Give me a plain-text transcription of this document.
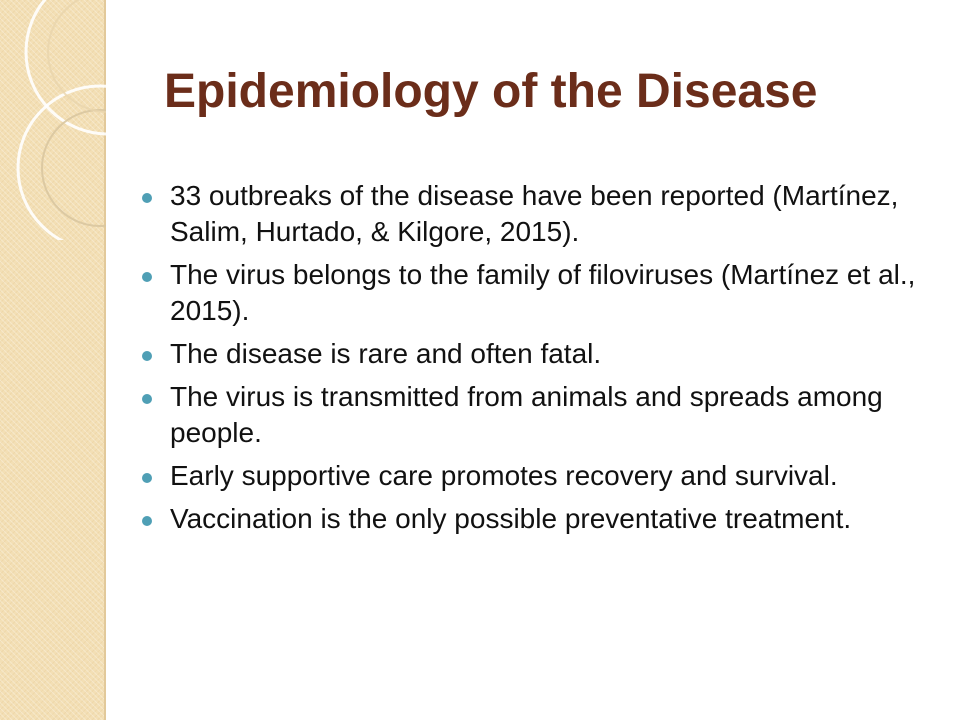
Epidemiology of the Disease
33 outbreaks of the disease have been reported (Martínez, Salim, Hurtado, & Kilgore, 2015).
The virus belongs to the family of filoviruses (Martínez et al., 2015).
The disease is rare and often fatal.
The virus is transmitted from animals and spreads among people.
Early supportive care promotes recovery and survival.
Vaccination is the only possible preventative treatment.
